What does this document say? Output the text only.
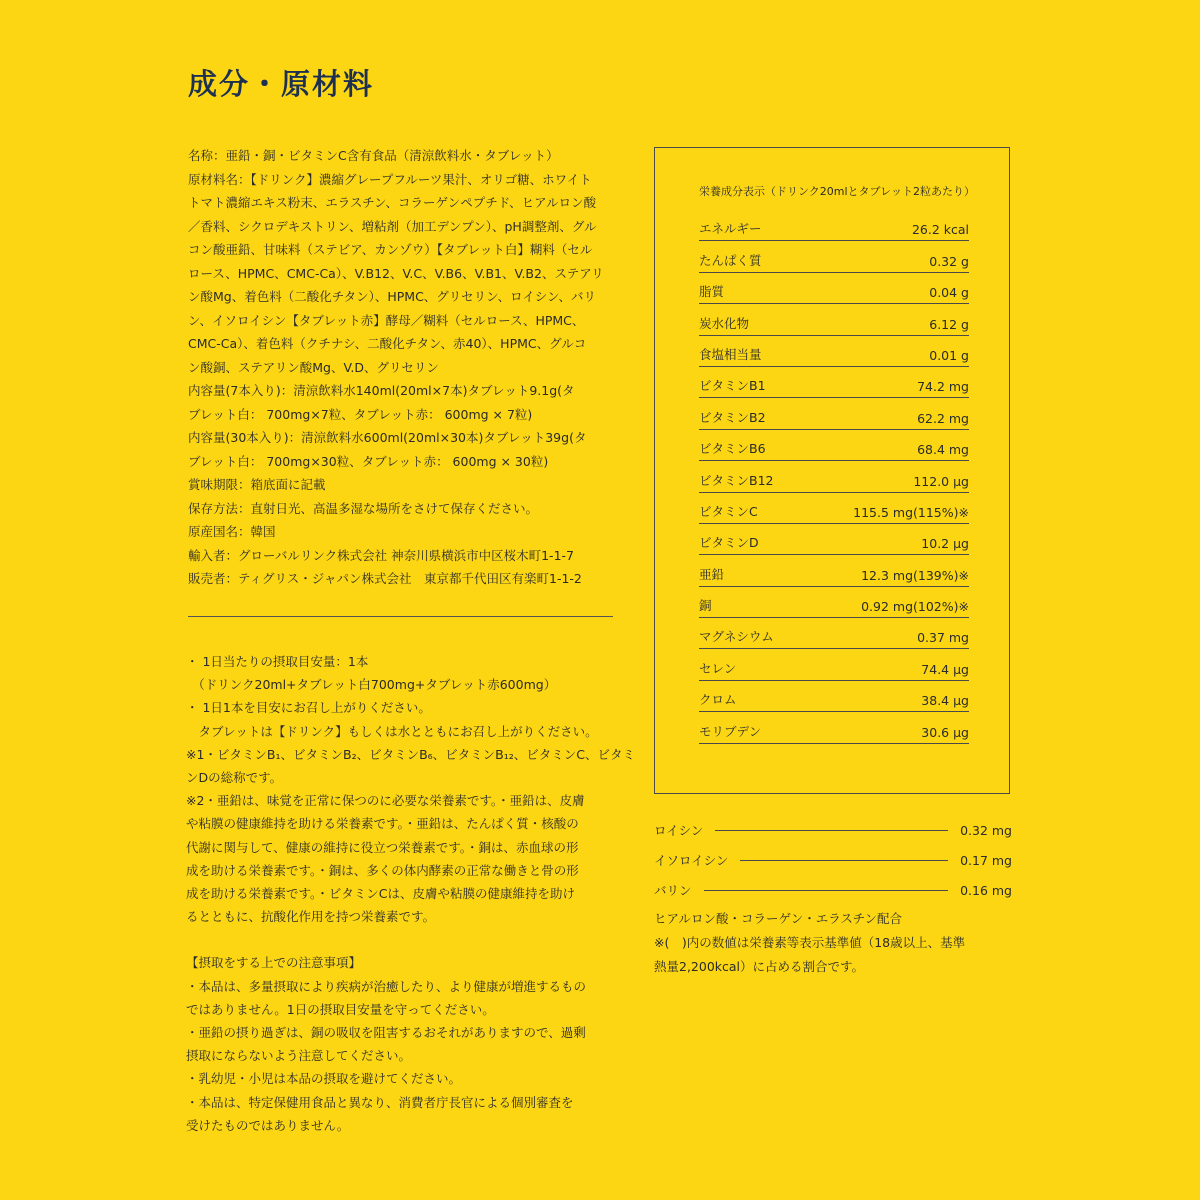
成分・原材料

名称：亜鉛・銅・ビタミンC含有食品（清涼飲料水・タブレット）

原材料名：【ドリンク】濃縮グレープフルーツ果汁、オリゴ糖、ホワイト

トマト濃縮エキス粉末、エラスチン、コラーゲンペプチド、ヒアルロン酸

／香料、シクロデキストリン、増粘剤（加工デンプン）、pH調整剤、グル

コン酸亜鉛、甘味料（ステビア、カンゾウ）【タブレット白】糊料（セル

ロース、HPMC、CMC-Ca）、V.B12、V.C、V.B6、V.B1、V.B2、ステアリ

ン酸Mg、着色料（二酸化チタン）、HPMC、グリセリン、ロイシン、バリ

ン、イソロイシン【タブレット赤】酵母／糊料（セルロース、HPMC、

CMC-Ca）、着色料（クチナシ、二酸化チタン、赤40）、HPMC、グルコ

ン酸銅、ステアリン酸Mg、V.D、グリセリン

内容量(7本入り)：清涼飲料水140ml(20ml×7本)タブレット9.1g(タ

ブレット白： 700mg×7粒、タブレット赤： 600mg × 7粒)

内容量(30本入り)：清涼飲料水600ml(20ml×30本)タブレット39g(タ

ブレット白： 700mg×30粒、タブレット赤： 600mg × 30粒)

賞味期限：箱底面に記載

保存方法：直射日光、高温多湿な場所をさけて保存ください。

原産国名：韓国

輸入者：グローバルリンク株式会社 神奈川県横浜市中区桜木町1-1-7

販売者：ティグリス・ジャパン株式会社　東京都千代田区有楽町1-1-2

・ 1日当たりの摂取目安量：1本

　（ドリンク20ml+タブレット白700mg+タブレット赤600mg）

・ 1日1本を目安にお召し上がりください。

　タブレットは【ドリンク】もしくは水とともにお召し上がりください。

※1・ビタミンB₁、ビタミンB₂、ビタミンB₆、ビタミンB₁₂、ビタミンC、ビタミ

ンDの総称です。

※2・亜鉛は、味覚を正常に保つのに必要な栄養素です。・亜鉛は、皮膚

や粘膜の健康維持を助ける栄養素です。・亜鉛は、たんぱく質・核酸の

代謝に関与して、健康の維持に役立つ栄養素です。・銅は、赤血球の形

成を助ける栄養素です。・銅は、多くの体内酵素の正常な働きと骨の形

成を助ける栄養素です。・ビタミンCは、皮膚や粘膜の健康維持を助け

るとともに、抗酸化作用を持つ栄養素です。

【摂取をする上での注意事項】

・本品は、多量摂取により疾病が治癒したり、より健康が増進するもの

ではありません。1日の摂取目安量を守ってください。

・亜鉛の摂り過ぎは、銅の吸収を阻害するおそれがありますので、過剰

摂取にならないよう注意してください。

・乳幼児・小児は本品の摂取を避けてください。

・本品は、特定保健用食品と異なり、消費者庁長官による個別審査を

受けたものではありません。

栄養成分表示（ドリンク20mlとタブレット2粒あたり）
エネルギー	26.2 kcal
たんぱく質	0.32 g
脂質	0.04 g
炭水化物	6.12 g
食塩相当量	0.01 g
ビタミンB1	74.2 mg
ビタミンB2	62.2 mg
ビタミンB6	68.4 mg
ビタミンB12	112.0 μg
ビタミンC	115.5 mg(115%)※
ビタミンD	10.2 μg
亜鉛	12.3 mg(139%)※
銅	0.92 mg(102%)※
マグネシウム	0.37 mg
セレン	74.4 μg
クロム	38.4 μg
モリブデン	30.6 μg
ロイシン	0.32 mg
イソロイシン	0.17 mg
バリン	0.16 mg

ヒアルロン酸・コラーゲン・エラスチン配合

※(　)内の数値は栄養素等表示基準値（18歳以上、基準

熱量2,200kcal）に占める割合です。
